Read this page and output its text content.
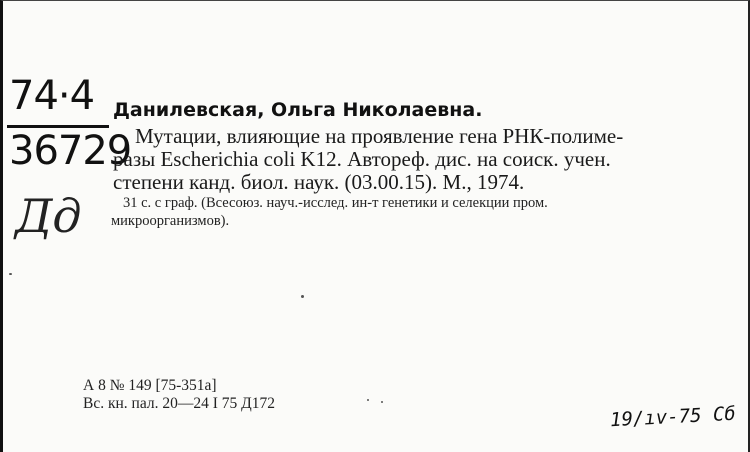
74·4
36729
Дд
Данилевская, Ольга Николаевна.
Мутации, влияющие на проявление гена РНК-полиме-
разы Escherichia coli K12. Автореф. дис. на соиск. учен.
степени канд. биол. наук. (03.00.15). М., 1974.
31 с. с граф. (Всесоюз. науч.-исслед. ин-т генетики и селекции пром.
микроорганизмов).
А 8 № 149 [75-351а]
Вс. кн. пал. 20—24 I 75 Д172	19/ıv-75 Сб
